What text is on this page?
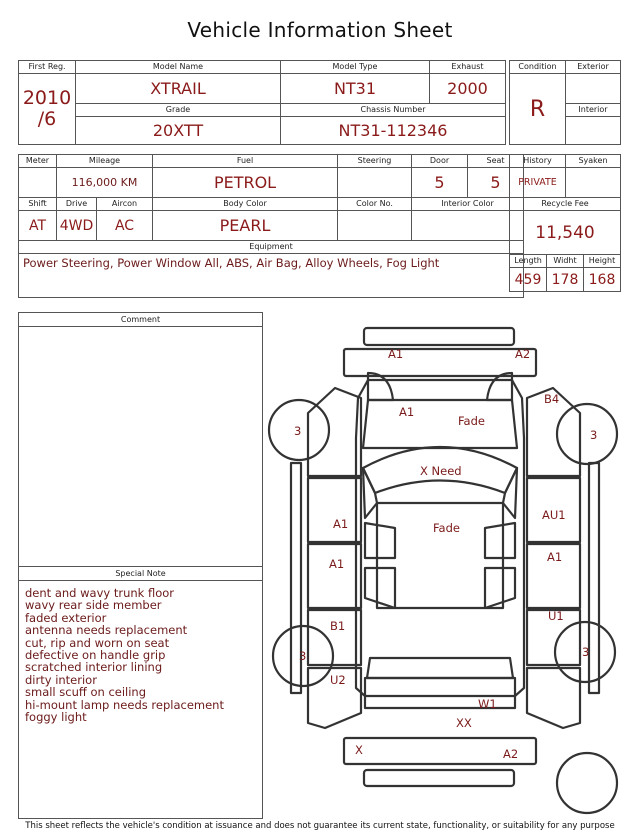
Vehicle Information Sheet
First Reg.	Model Name	Model Type	Exhaust

2010
/6	XTRAIL	NT31	2000
	Grade	Chassis Number	
	20XTT	NT31-112346	
Meter	Mileage		Fuel	Steering	Door	Seat
	116,000 KM		PETROL		5	5
Shift	Drive	Aircon	Body Color	Color No.	Interior Color	
AT	4WD	AC	PEARL			
Equipment						
Power Steering, Power Window All, ABS, Air Bag, Alloy Wheels, Fog Light						
Condition	Exterior
R	
	Interior

History		Syaken	
PRIVATE			
Recycle Fee			
11,540			
Length	Widht		Height
459	178		168
Comment
Special Note
dent and wavy trunk floor
wavy rear side member
faded exterior
antenna needs replacement
cut, rip and worn on seat
defective on handle grip
scratched interior lining
dirty interior
small scuff on ceiling
hi-mount lamp needs replacement
foggy light
A1	A2
B4
A1
Fade
3	3
X Need
Fade
A1
AU1
A1	A1
B1
U1
3	3
U2
W1
XX
X	A2
This sheet reflects the vehicle's condition at issuance and does not guarantee its current state, functionality, or suitability for any purpose
